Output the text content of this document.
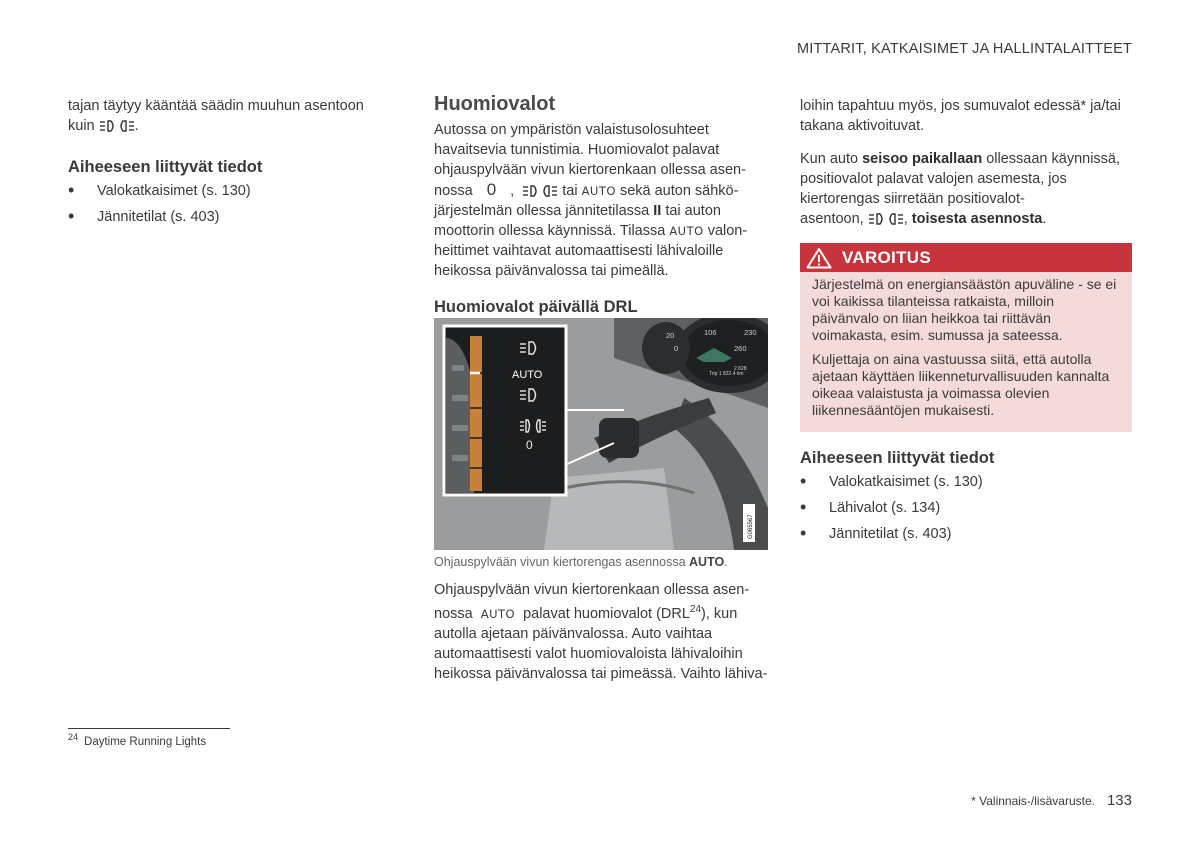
MITTARIT, KATKAISIMET JA HALLINTALAITTEET

tajan täytyy kääntää säädin muuhun asentoon
kuin	.

Aiheeseen liittyvät tiedot
• Valokatkaisimet (s. 130)
• Jännitetilat (s. 403)
Huomiovalot

Autossa on ympäristön valaistusolosuhteet havaitsevia tunnistimia. Huomiovalot palavat ohjauspylvään vivun kiertorenkaan ollessa asen-
nossa 0 ,	tai AUTO sekä auton sähkö-
järjestelmän ollessa jännitetilassa II tai auton
moottorin ollessa käynnissä. Tilassa AUTO valon-
heittimet vaihtavat automaattisesti lähivaloille heikossa päivänvalossa tai pimeällä.

Huomiovalot päivällä DRL
AUTO
0
20	106	230
0	260
2 828
Trip 1 822.4 km
G065567
Ohjauspylvään vivun kiertorengas asennossa AUTO.
Ohjauspylvään vivun kiertorenkaan ollessa asen-
nossa AUTO palavat huomiovalot (DRL$^{24}$), kun autolla ajetaan päivänvalossa. Auto vaihtaa automaattisesti valot huomiovaloista lähivaloihin heikossa päivänvalossa tai pimeässä. Vaihto lähiva-

loihin tapahtuu myös, jos sumuvalot edessä* ja/tai takana aktivoituvat.

Kun auto seisoo paikallaan ollessaan käynnissä, positiovalot palavat valojen asemesta, jos kiertorengas siirretään positiovalot-
asentoon,	, toisesta asennosta.

VAROITUS

Järjestelmä on energiansäästön apuväline - se ei voi kaikissa tilanteissa ratkaista, milloin päivänvalo on liian heikkoa tai riittävän voimakasta, esim. sumussa ja sateessa.

Kuljettaja on aina vastuussa siitä, että autolla ajetaan käyttäen liikenneturvallisuuden kannalta oikeaa valaistusta ja voimassa olevien liikennesääntöjen mukaisesti.

Aiheeseen liittyvät tiedot
• Valokatkaisimet (s. 130)
• Lähivalot (s. 134)
• Jännitetilat (s. 403)
$^{24}$ Daytime Running Lights
* Valinnais-/lisävaruste. 133
